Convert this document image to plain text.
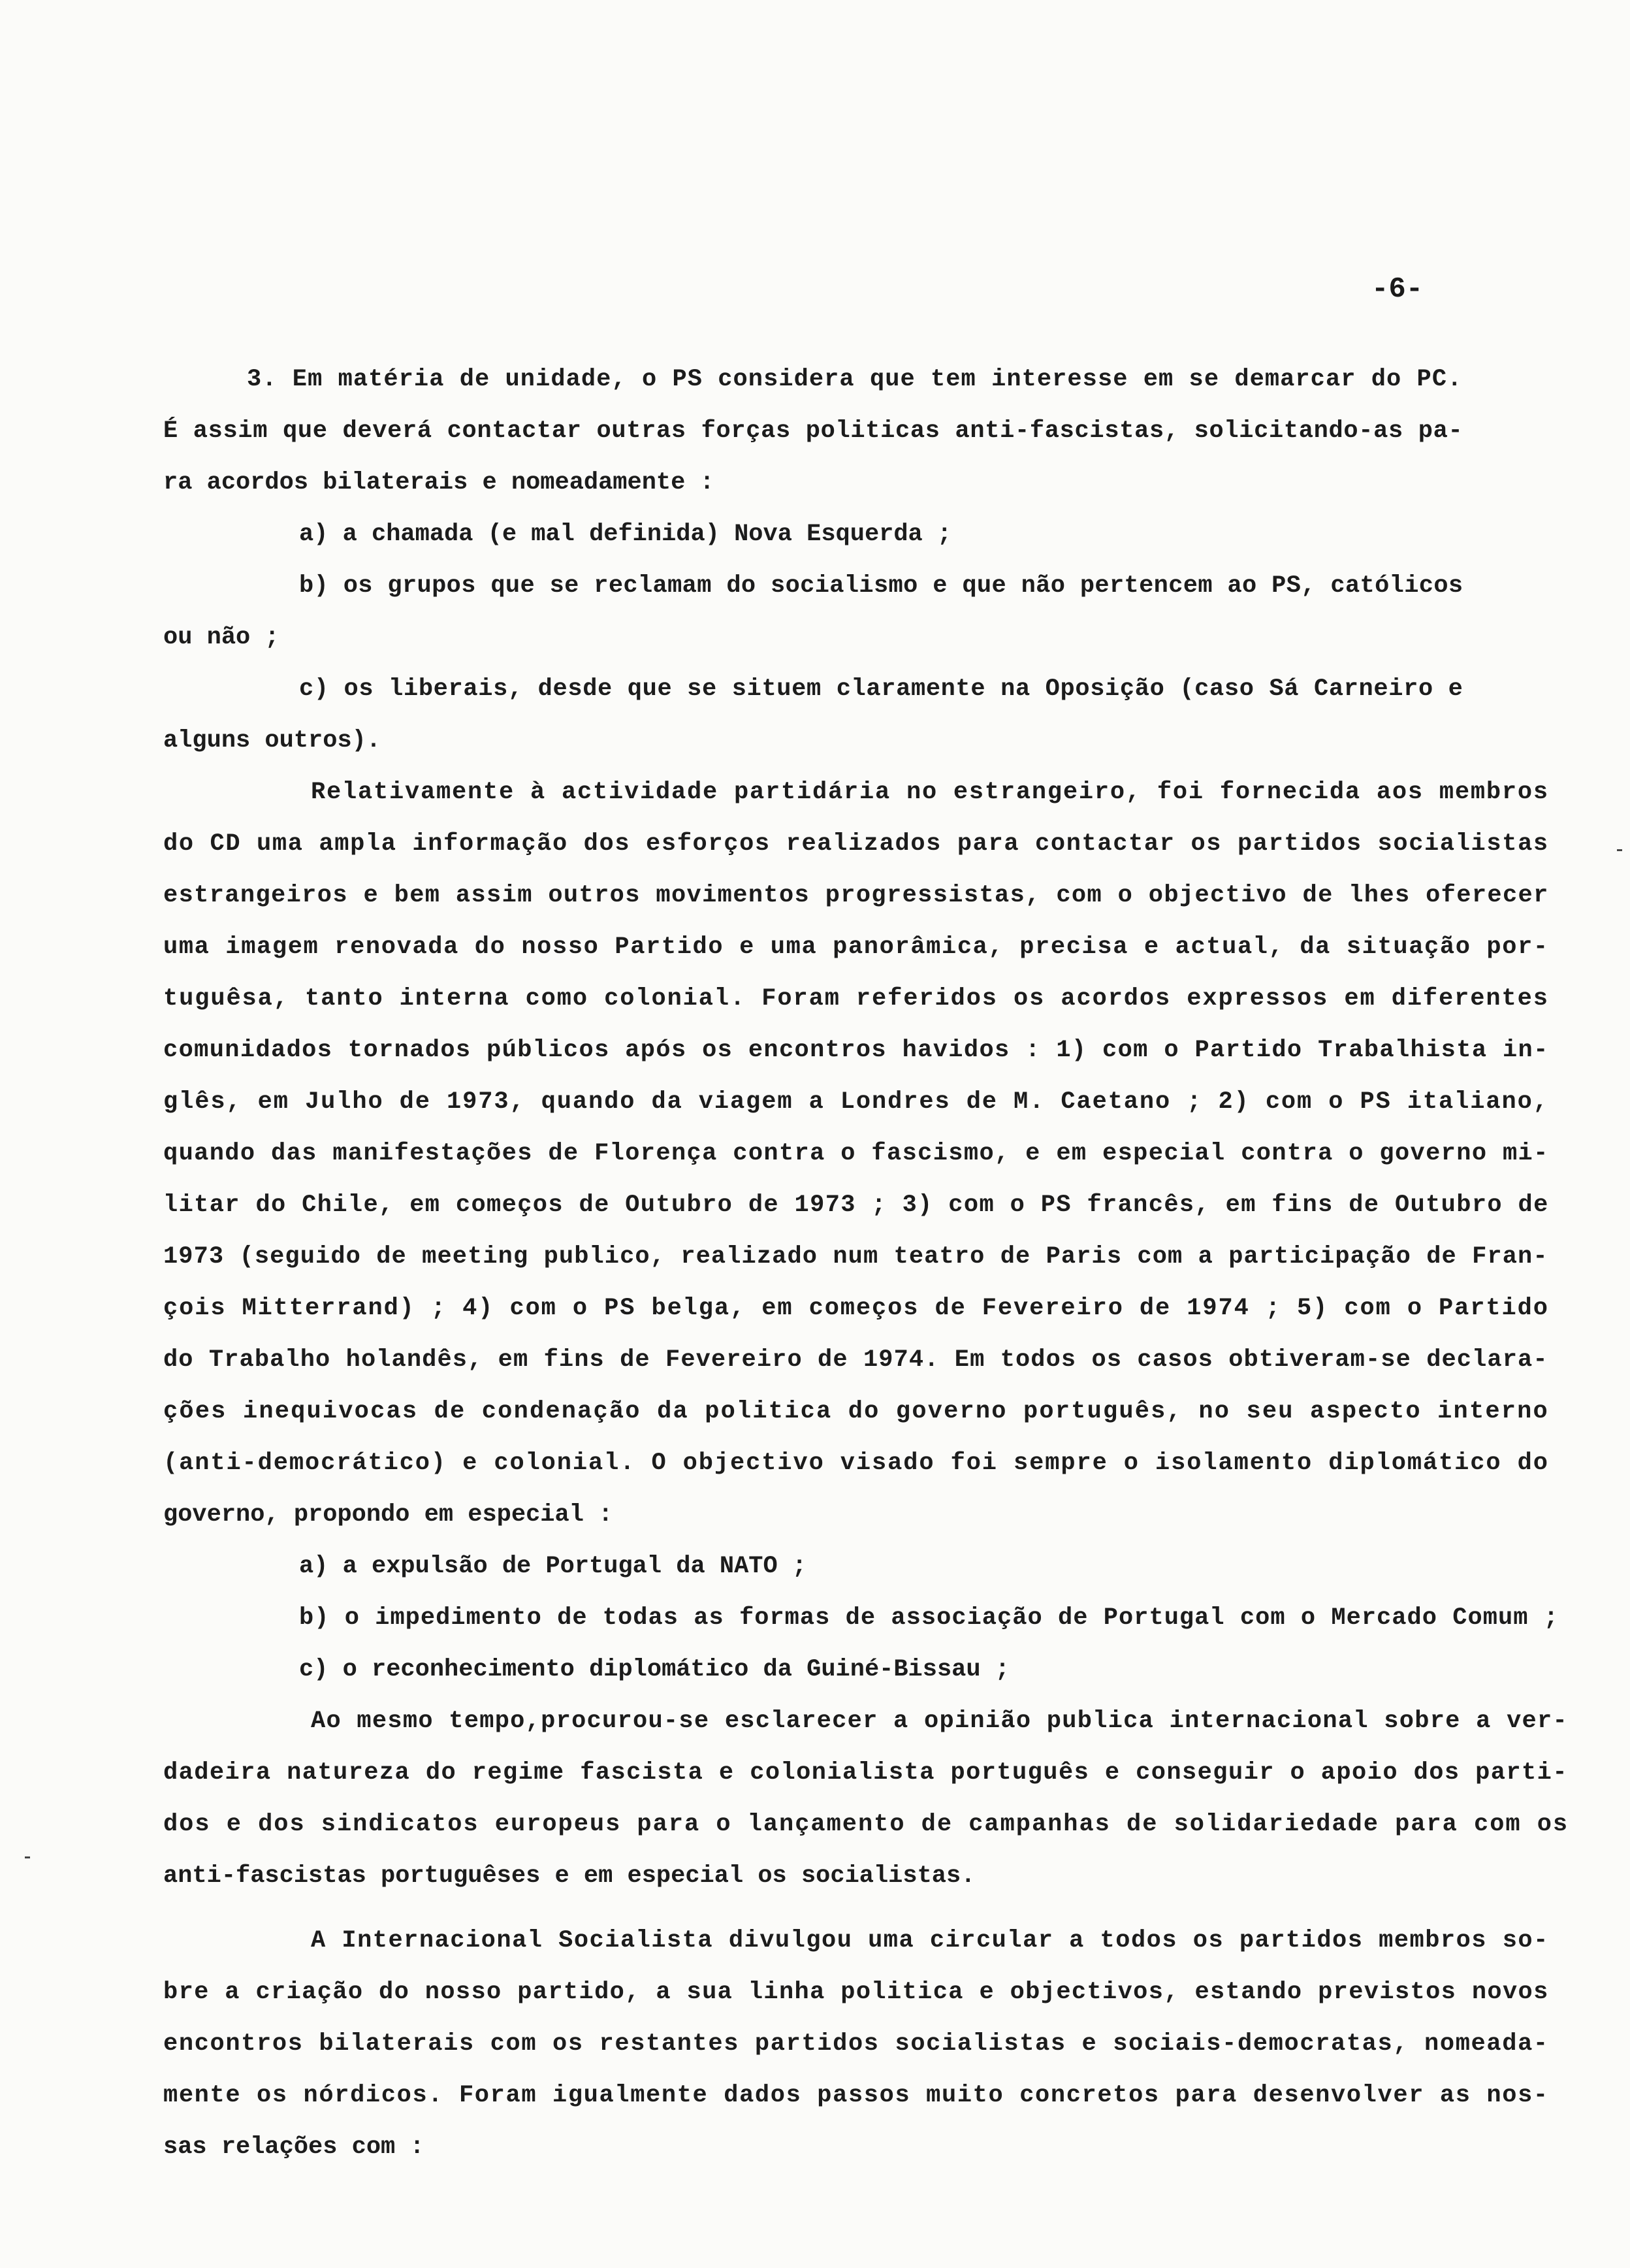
-6-
3. Em matéria de unidade, o PS considera que tem interesse em se demarcar do PC.
É assim que deverá contactar outras forças politicas anti-fascistas, solicitando-as pa-
ra acordos bilaterais e nomeadamente :
a) a chamada (e mal definida) Nova Esquerda ;
b) os grupos que se reclamam do socialismo e que não pertencem ao PS, católicos
ou não ;
c) os liberais, desde que se situem claramente na Oposição (caso Sá Carneiro e
alguns outros).
Relativamente à actividade partidária no estrangeiro, foi fornecida aos membros
do CD uma ampla informação dos esforços realizados para contactar os partidos socialistas
estrangeiros e bem assim outros movimentos progressistas, com o objectivo de lhes oferecer
uma imagem renovada do nosso Partido e uma panorâmica, precisa e actual, da situação por-
tuguêsa, tanto interna como colonial. Foram referidos os acordos expressos em diferentes
comunidados tornados públicos após os encontros havidos : 1) com o Partido Trabalhista in-
glês, em Julho de 1973, quando da viagem a Londres de M. Caetano ; 2) com o PS italiano,
quando das manifestações de Florença contra o fascismo, e em especial contra o governo mi-
litar do Chile, em começos de Outubro de 1973 ; 3) com o PS francês, em fins de Outubro de
1973 (seguido de meeting publico, realizado num teatro de Paris com a participação de Fran-
çois Mitterrand) ; 4) com o PS belga, em começos de Fevereiro de 1974 ; 5) com o Partido
do Trabalho holandês, em fins de Fevereiro de 1974. Em todos os casos obtiveram-se declara-
ções inequivocas de condenação da politica do governo português, no seu aspecto interno
(anti-democrático) e colonial. O objectivo visado foi sempre o isolamento diplomático do
governo, propondo em especial :
a) a expulsão de Portugal da NATO ;
b) o impedimento de todas as formas de associação de Portugal com o Mercado Comum ;
c) o reconhecimento diplomático da Guiné-Bissau ;
Ao mesmo tempo,procurou-se esclarecer a opinião publica internacional sobre a ver-
dadeira natureza do regime fascista e colonialista português e conseguir o apoio dos parti-
dos e dos sindicatos europeus para o lançamento de campanhas de solidariedade para com os
anti-fascistas portuguêses e em especial os socialistas.
A Internacional Socialista divulgou uma circular a todos os partidos membros so-
bre a criação do nosso partido, a sua linha politica e objectivos, estando previstos novos
encontros bilaterais com os restantes partidos socialistas e sociais-democratas, nomeada-
mente os nórdicos. Foram igualmente dados passos muito concretos para desenvolver as nos-
sas relações com :
